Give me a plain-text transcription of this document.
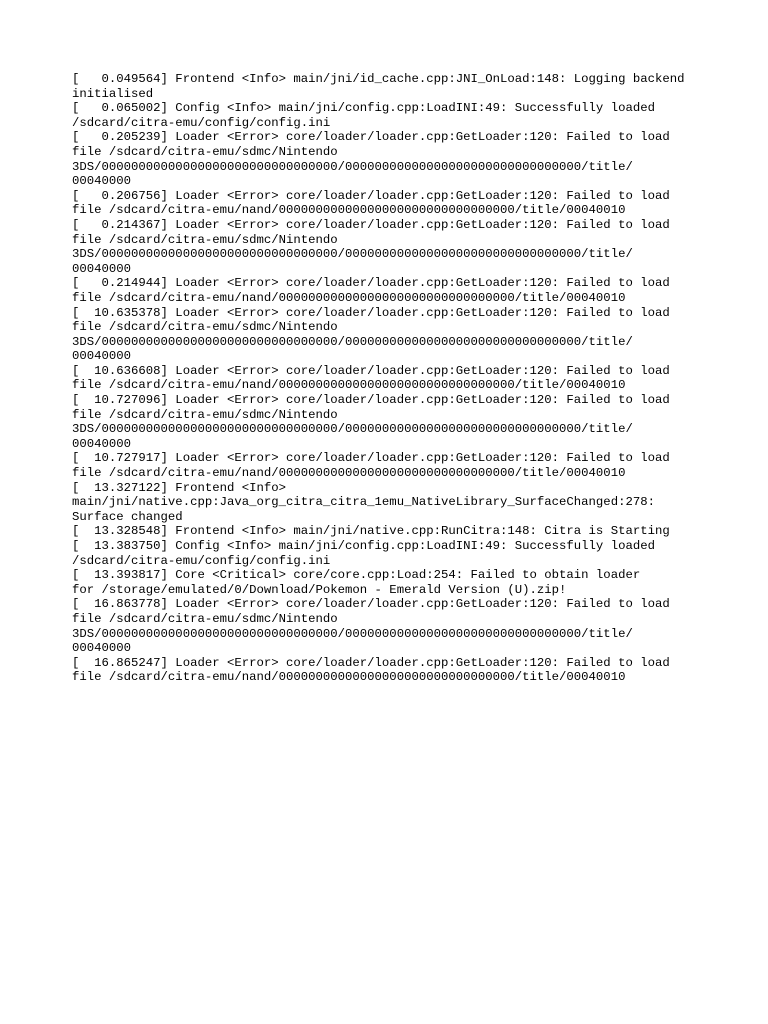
[   0.049564] Frontend <Info> main/jni/id_cache.cpp:JNI_OnLoad:148: Logging backend
initialised
[   0.065002] Config <Info> main/jni/config.cpp:LoadINI:49: Successfully loaded
/sdcard/citra-emu/config/config.ini
[   0.205239] Loader <Error> core/loader/loader.cpp:GetLoader:120: Failed to load
file /sdcard/citra-emu/sdmc/Nintendo
3DS/00000000000000000000000000000000/00000000000000000000000000000000/title/
00040000
[   0.206756] Loader <Error> core/loader/loader.cpp:GetLoader:120: Failed to load
file /sdcard/citra-emu/nand/00000000000000000000000000000000/title/00040010
[   0.214367] Loader <Error> core/loader/loader.cpp:GetLoader:120: Failed to load
file /sdcard/citra-emu/sdmc/Nintendo
3DS/00000000000000000000000000000000/00000000000000000000000000000000/title/
00040000
[   0.214944] Loader <Error> core/loader/loader.cpp:GetLoader:120: Failed to load
file /sdcard/citra-emu/nand/00000000000000000000000000000000/title/00040010
[  10.635378] Loader <Error> core/loader/loader.cpp:GetLoader:120: Failed to load
file /sdcard/citra-emu/sdmc/Nintendo
3DS/00000000000000000000000000000000/00000000000000000000000000000000/title/
00040000
[  10.636608] Loader <Error> core/loader/loader.cpp:GetLoader:120: Failed to load
file /sdcard/citra-emu/nand/00000000000000000000000000000000/title/00040010
[  10.727096] Loader <Error> core/loader/loader.cpp:GetLoader:120: Failed to load
file /sdcard/citra-emu/sdmc/Nintendo
3DS/00000000000000000000000000000000/00000000000000000000000000000000/title/
00040000
[  10.727917] Loader <Error> core/loader/loader.cpp:GetLoader:120: Failed to load
file /sdcard/citra-emu/nand/00000000000000000000000000000000/title/00040010
[  13.327122] Frontend <Info>
main/jni/native.cpp:Java_org_citra_citra_1emu_NativeLibrary_SurfaceChanged:278:
Surface changed
[  13.328548] Frontend <Info> main/jni/native.cpp:RunCitra:148: Citra is Starting
[  13.383750] Config <Info> main/jni/config.cpp:LoadINI:49: Successfully loaded
/sdcard/citra-emu/config/config.ini
[  13.393817] Core <Critical> core/core.cpp:Load:254: Failed to obtain loader
for /storage/emulated/0/Download/Pokemon - Emerald Version (U).zip!
[  16.863778] Loader <Error> core/loader/loader.cpp:GetLoader:120: Failed to load
file /sdcard/citra-emu/sdmc/Nintendo
3DS/00000000000000000000000000000000/00000000000000000000000000000000/title/
00040000
[  16.865247] Loader <Error> core/loader/loader.cpp:GetLoader:120: Failed to load
file /sdcard/citra-emu/nand/00000000000000000000000000000000/title/00040010
